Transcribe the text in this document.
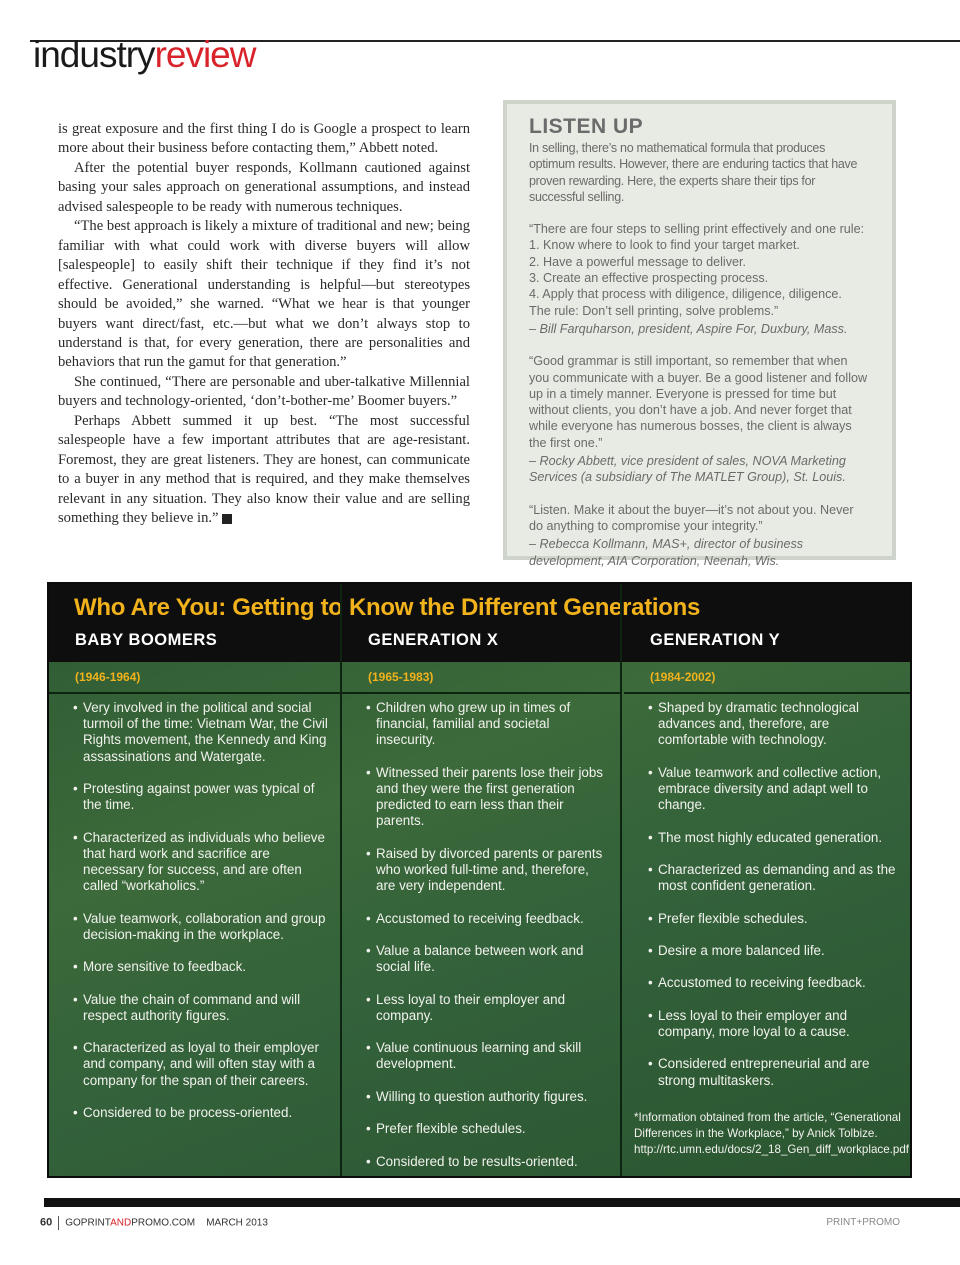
industryreview

is great exposure and the first thing I do is Google a prospect to learn more about their business before contacting them,” Abbett noted.

After the potential buyer responds, Kollmann cautioned against basing your sales approach on generational assumptions, and instead advised salespeople to be ready with numerous techniques.

“The best approach is likely a mixture of traditional and new; being familiar with what could work with diverse buyers will allow [salespeople] to easily shift their technique if they find it’s not effective. Generational understanding is helpful—but stereotypes should be avoided,” she warned. “What we hear is that younger buyers want direct/fast, etc.—but what we don’t always stop to understand is that, for every generation, there are personalities and behaviors that run the gamut for that generation.”

She continued, “There are personable and uber-talkative Millennial buyers and technology-oriented, ‘don’t-bother-me’ Boomer buyers.”

Perhaps Abbett summed it up best. “The most successful salespeople have a few important attributes that are age-resistant. Foremost, they are great listeners. They are honest, can communicate to a buyer in any method that is required, and they make themselves relevant in any situation. They also know their value and are selling something they believe in.” +

LISTEN UP

In selling, there’s no mathematical formula that produces optimum results. However, there are enduring tactics that have proven rewarding. Here, the experts share their tips for successful selling.

“There are four steps to selling print effectively and one rule:
1. Know where to look to find your target market.
2. Have a powerful message to deliver.
3. Create an effective prospecting process.
4. Apply that process with diligence, diligence, diligence.
The rule: Don’t sell printing, solve problems.”

– Bill Farquharson, president, Aspire For, Duxbury, Mass.

“Good grammar is still important, so remember that when you communicate with a buyer. Be a good listener and follow up in a timely manner. Everyone is pressed for time but without clients, you don’t have a job. And never forget that while everyone has numerous bosses, the client is always the first one.”

– Rocky Abbett, vice president of sales, NOVA Marketing Services (a subsidiary of The MATLET Group), St. Louis.

“Listen. Make it about the buyer—it’s not about you. Never do anything to compromise your integrity.”

– Rebecca Kollmann, MAS+, director of business development, AIA Corporation, Neenah, Wis.

Who Are You: Getting to Know the Different Generations
BABY BOOMERS
(1946-1964)
• Very involved in the political and social turmoil of the time: Vietnam War, the Civil Rights movement, the Kennedy and King assassinations and Watergate.
• Protesting against power was typical of the time.
• Characterized as individuals who believe that hard work and sacrifice are necessary for success, and are often called “workaholics.”
• Value teamwork, collaboration and group decision-making in the workplace.
• More sensitive to feedback.
• Value the chain of command and will respect authority figures.
• Characterized as loyal to their employer and company, and will often stay with a company for the span of their careers.
• Considered to be process-oriented.
GENERATION X
(1965-1983)
• Children who grew up in times of financial, familial and societal insecurity.
• Witnessed their parents lose their jobs and they were the first generation predicted to earn less than their parents.
• Raised by divorced parents or parents who worked full-time and, therefore, are very independent.
• Accustomed to receiving feedback.
• Value a balance between work and social life.
• Less loyal to their employer and company.
• Value continuous learning and skill development.
• Willing to question authority figures.
• Prefer flexible schedules.
• Considered to be results-oriented.
GENERATION Y
(1984-2002)
• Shaped by dramatic technological advances and, therefore, are comfortable with technology.
• Value teamwork and collective action, embrace diversity and adapt well to change.
• The most highly educated generation.
• Characterized as demanding and as the most confident generation.
• Prefer flexible schedules.
• Desire a more balanced life.
• Accustomed to receiving feedback.
• Less loyal to their employer and company, more loyal to a cause.
• Considered entrepreneurial and are strong multitaskers.
*Information obtained from the article, “Generational Differences in the Workplace,” by Anick Tolbize. http://rtc.umn.edu/docs/2_18_Gen_diff_workplace.pdf
60 GOPRINTANDPROMO.COM MARCH 2013	PRINT+PROMO
